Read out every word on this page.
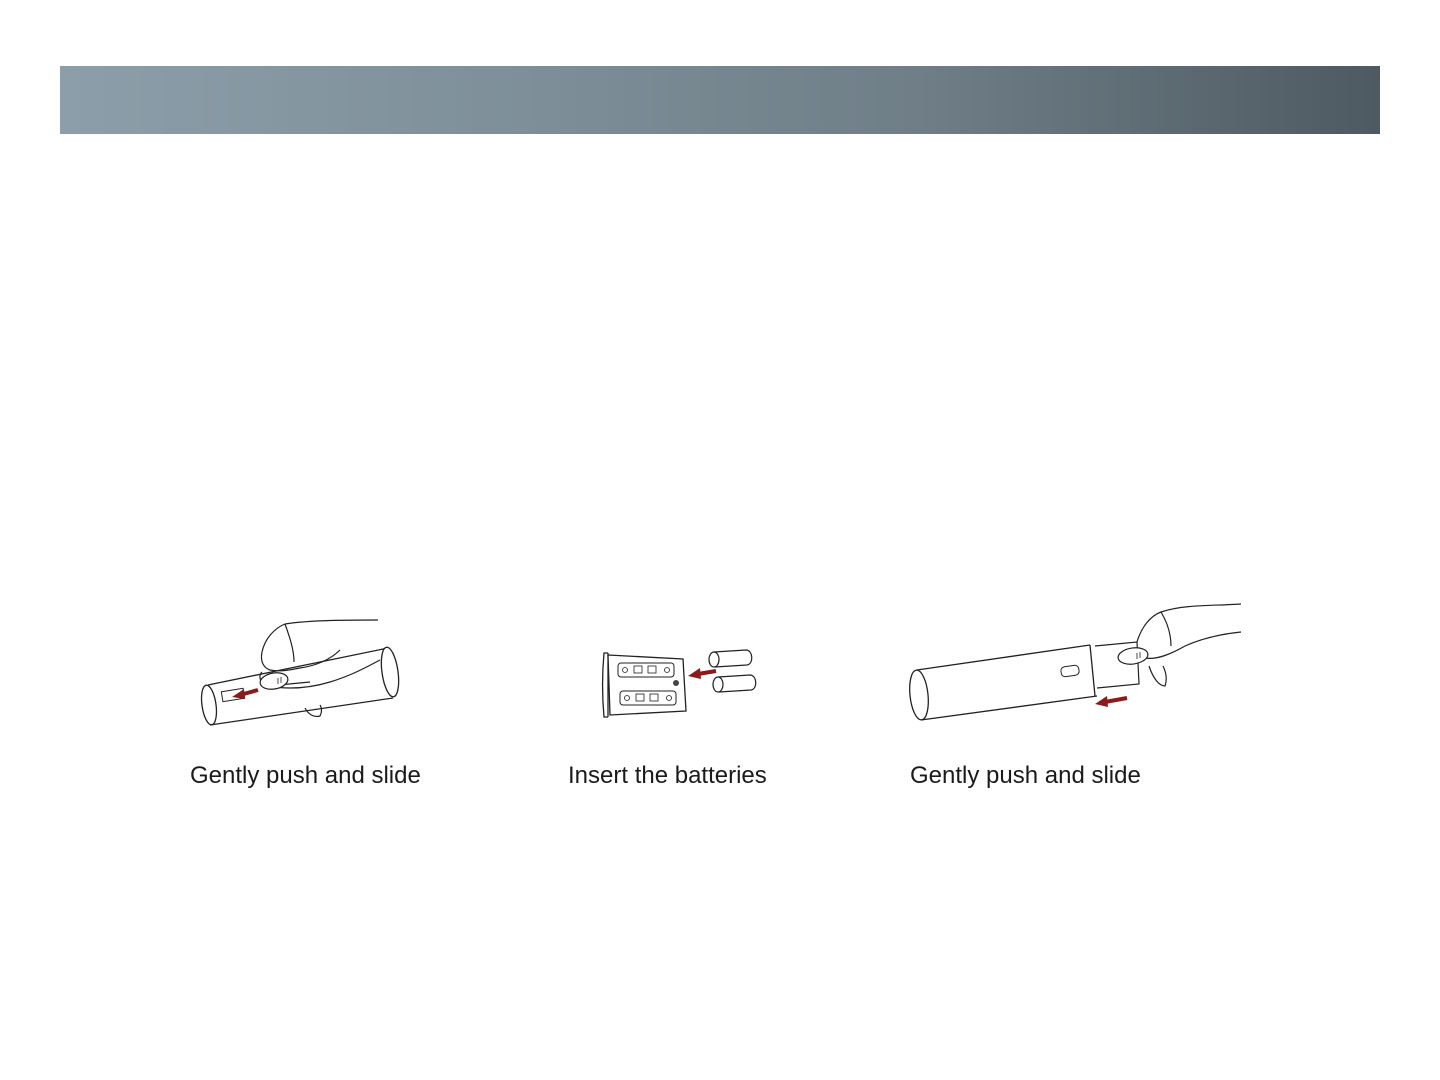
Gently push and slide	Insert the batteries	Gently push and slide
